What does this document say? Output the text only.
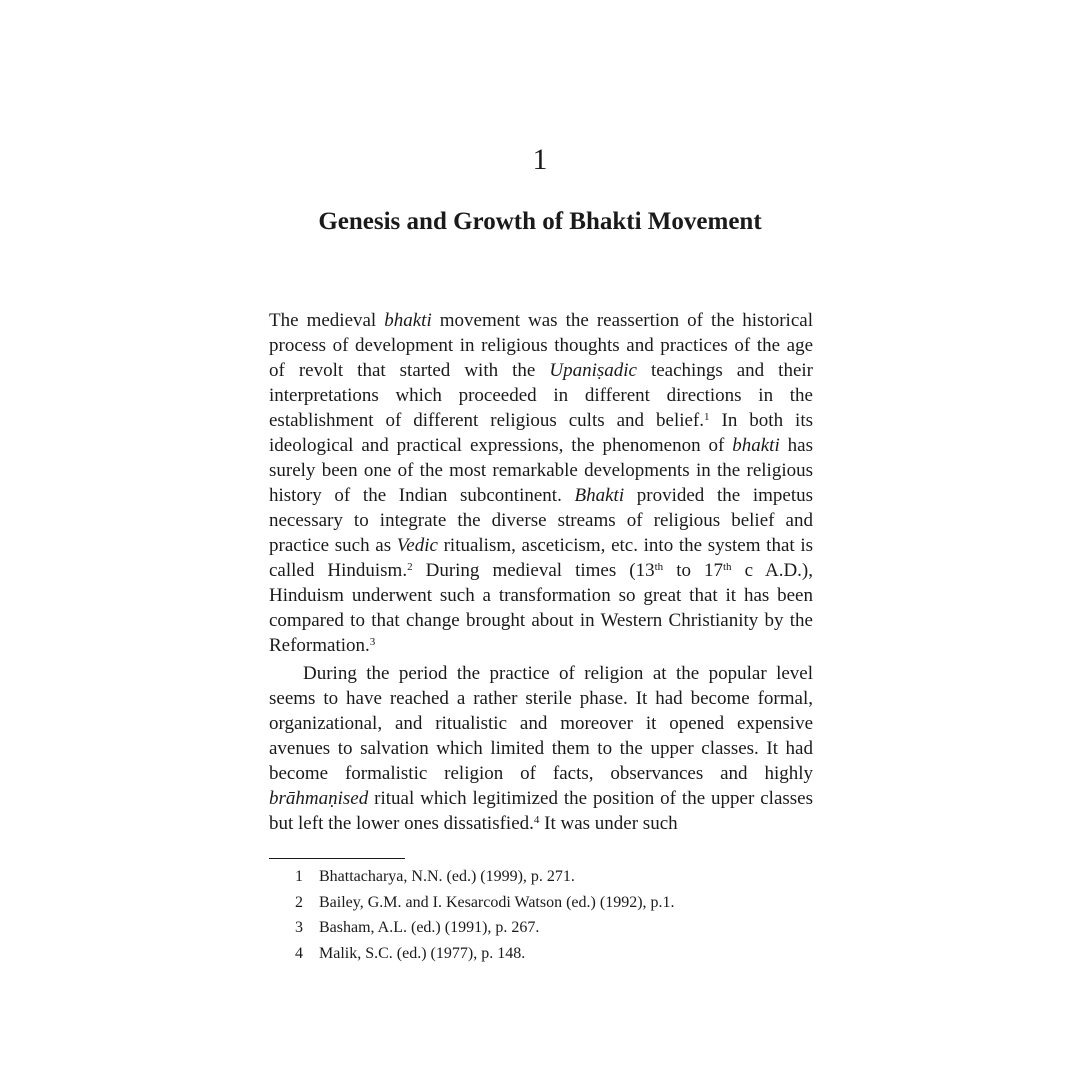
1
Genesis and Growth of Bhakti Movement

The medieval bhakti movement was the reassertion of the historical process of development in religious thoughts and practices of the age of revolt that started with the Upaniṣadic teachings and their interpretations which proceeded in different directions in the establishment of different religious cults and belief.$^1$ In both its ideological and practical expressions, the phenomenon of bhakti has surely been one of the most remarkable developments in the religious history of the Indian subcontinent. Bhakti provided the impetus necessary to integrate the diverse streams of religious belief and practice such as Vedic ritualism, asceticism, etc. into the system that is called Hinduism.$^2$ During medieval times (13th to 17th c A.D.), Hinduism underwent such a transformation so great that it has been compared to that change brought about in Western Christianity by the Reformation.$^3$

During the period the practice of religion at the popular level seems to have reached a rather sterile phase. It had become formal, organizational, and ritualistic and moreover it opened expensive avenues to salvation which limited them to the upper classes. It had become formalistic religion of facts, observances and highly brāhmaṇised ritual which legitimized the position of the upper classes but left the lower ones dissatisfied.$^4$ It was under such

1	Bhattacharya, N.N. (ed.) (1999), p. 271.
2	Bailey, G.M. and I. Kesarcodi Watson (ed.) (1992), p.1.
3	Basham, A.L. (ed.) (1991), p. 267.
4	Malik, S.C. (ed.) (1977), p. 148.
